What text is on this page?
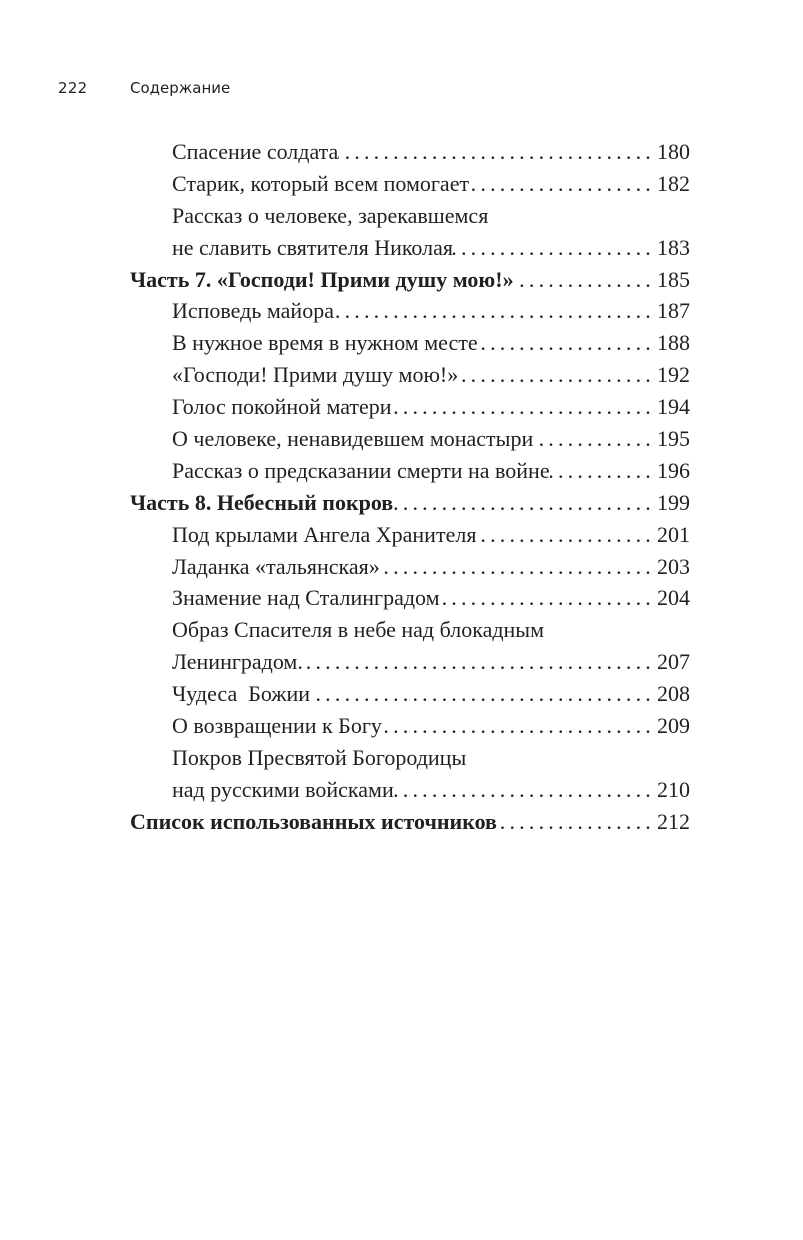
222	Содержание
Спасение солдата .....	180
Старик, который всем помогает .....	182
Рассказ о человеке, зарекавшемся
не славить святителя Николая .....	183
Часть 7. «Господи! Прими душу мою!» .....	185
Исповедь майора .....	187
В нужное время в нужном месте .....	188
«Господи! Прими душу мою!» .....	192
Голос покойной матери .....	194
О человеке, ненавидевшем монастыри .....	195
Рассказ о предсказании смерти на войне .....	196
Часть 8. Небесный покров .....	199
Под крылами Ангела Хранителя .....	201
Ладанка «тальянская» .....	203
Знамение над Сталинградом .....	204
Образ Спасителя в небе над блокадным
Ленинградом. .....	207
Чудеса  Божии .....	208
О возвращении к Богу .....	209
Покров Пресвятой Богородицы
над русскими войсками .....	210
Список использованных источников .....	212
